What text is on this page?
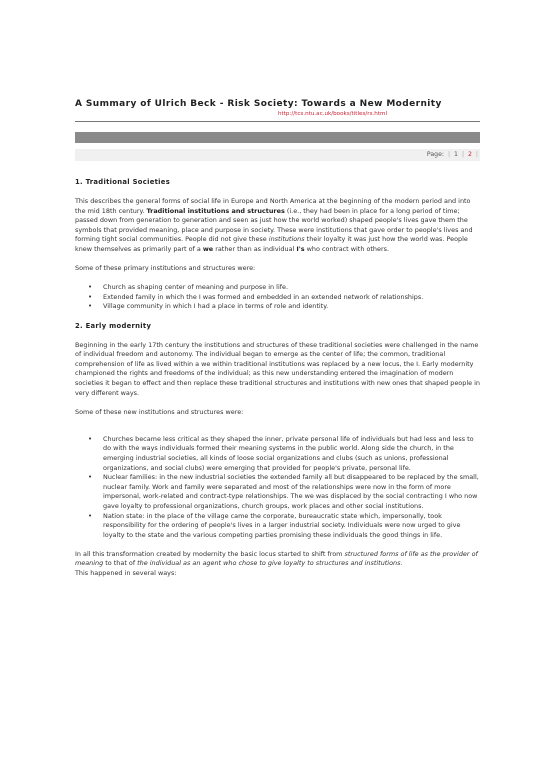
A Summary of Ulrich Beck - Risk Society: Towards a New Modernity
http://tcs.ntu.ac.uk/books/titles/rs.html
Page: | 1 | 2 |
1. Traditional Societies

This describes the general forms of social life in Europe and North America at the beginning of the modern period and into the mid 18th century. Traditional institutions and structures (i.e., they had been in place for a long period of time; passed down from generation to generation and seen as just how the world worked) shaped people's lives gave them the symbols that provided meaning, place and purpose in society. These were institutions that gave order to people's lives and forming tight social communities. People did not give these institutions their loyalty it was just how the world was. People knew themselves as primarily part of a we rather than as individual I's who contract with others.

Some of these primary institutions and structures were:

• Church as shaping center of meaning and purpose in life.
• Extended family in which the I was formed and embedded in an extended network of relationships.
• Village community in which I had a place in terms of role and identity.
2. Early modernity

Beginning in the early 17th century the institutions and structures of these traditional societies were challenged in the name of individual freedom and autonomy. The individual began to emerge as the center of life; the common, traditional comprehension of life as lived within a we within traditional institutions was replaced by a new locus, the I. Early modernity championed the rights and freedoms of the individual; as this new understanding entered the imagination of modern societies it began to effect and then replace these traditional structures and institutions with new ones that shaped people in very different ways.

Some of these new institutions and structures were:

• Churches became less critical as they shaped the inner, private personal life of individuals but had less and less to do with the ways individuals formed their meaning systems in the public world. Along side the church, in the emerging industrial societies, all kinds of loose social organizations and clubs (such as unions, professional organizations, and social clubs) were emerging that provided for people's private, personal life.
• Nuclear families: in the new industrial societies the extended family all but disappeared to be replaced by the small, nuclear family. Work and family were separated and most of the relationships were now in the form of more impersonal, work-related and contract-type relationships. The we was displaced by the social contracting I who now gave loyalty to professional organizations, church groups, work places and other social institutions.
• Nation state: in the place of the village came the corporate, bureaucratic state which, impersonally, took responsibility for the ordering of people's lives in a larger industrial society. Individuals were now urged to give loyalty to the state and the various competing parties promising these individuals the good things in life.

In all this transformation created by modernity the basic locus started to shift from structured forms of life as the provider of meaning to that of the individual as an agent who chose to give loyalty to structures and institutions.

This happened in several ways:
